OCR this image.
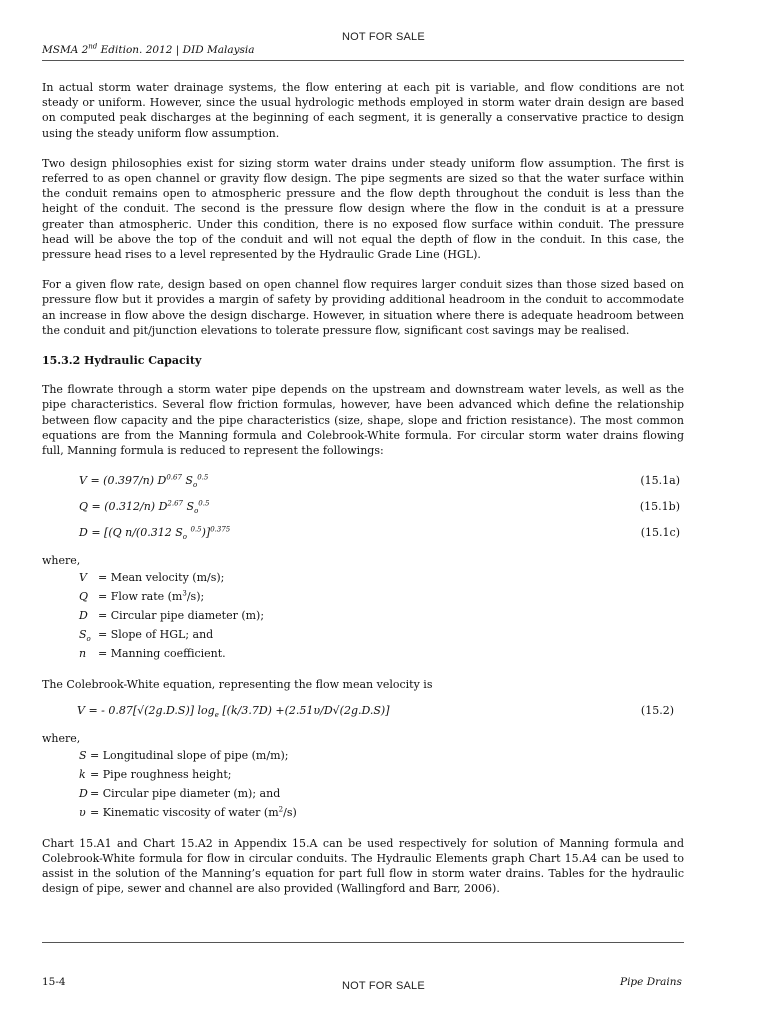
NOT FOR SALE
MSMA 2nd Edition. 2012 | DID Malaysia

In actual storm water drainage systems, the flow entering at each pit is variable, and flow conditions are not steady or uniform. However, since the usual hydrologic methods employed in storm water drain design are based on computed peak discharges at the beginning of each segment, it is generally a conservative practice to design using the steady uniform flow assumption.

Two design philosophies exist for sizing storm water drains under steady uniform flow assumption. The first is referred to as open channel or gravity flow design. The pipe segments are sized so that the water surface within the conduit remains open to atmospheric pressure and the flow depth throughout the conduit is less than the height of the conduit. The second is the pressure flow design where the flow in the conduit is at a pressure greater than atmospheric. Under this condition, there is no exposed flow surface within conduit. The pressure head will be above the top of the conduit and will not equal the depth of flow in the conduit. In this case, the pressure head rises to a level represented by the Hydraulic Grade Line (HGL).

For a given flow rate, design based on open channel flow requires larger conduit sizes than those sized based on pressure flow but it provides a margin of safety by providing additional headroom in the conduit to accommodate an increase in flow above the design discharge. However, in situation where there is adequate headroom between the conduit and pit/junction elevations to tolerate pressure flow, significant cost savings may be realised.

15.3.2 Hydraulic Capacity

The flowrate through a storm water pipe depends on the upstream and downstream water levels, as well as the pipe characteristics. Several flow friction formulas, however, have been advanced which define the relationship between flow capacity and the pipe characteristics (size, shape, slope and friction resistance). The most common equations are from the Manning formula and Colebrook-White formula. For circular storm water drains flowing full, Manning formula is reduced to represent the followings:

V = (0.397/n) $D^{0.67}$ $S_o^{0.5}$	(15.1a)
Q = (0.312/n) $D^{2.67}$ $S_o^{0.5}$	(15.1b)
D = [(Q n/(0.312 $S_o$ $^{0.5}$)]$^{0.375}$	(15.1c)
where,
V = Mean velocity (m/s);
Q = Flow rate $(m^3/s)$;
D = Circular pipe diameter (m);
$S_o$ = Slope of HGL; and
n = Manning coefficient.

The Colebrook-White equation, representing the flow mean velocity is

V = - 0.87[√(2g.D.S)] $\log_e [(k/3.7D) +(2.51\upsilon/D√(2g.D.S)]$	(15.2)
where,
S = Longitudinal slope of pipe (m/m);
k = Pipe roughness height;
D = Circular pipe diameter (m); and
υ = Kinematic viscosity of water $(m^2/s)$

Chart 15.A1 and Chart 15.A2 in Appendix 15.A can be used respectively for solution of Manning formula and Colebrook-White formula for flow in circular conduits. The Hydraulic Elements graph Chart 15.A4 can be used to assist in the solution of the Manning’s equation for part full flow in storm water drains. Tables for the hydraulic design of pipe, sewer and channel are also provided (Wallingford and Barr, 2006).

15-4	NOT FOR SALE	Pipe Drains
